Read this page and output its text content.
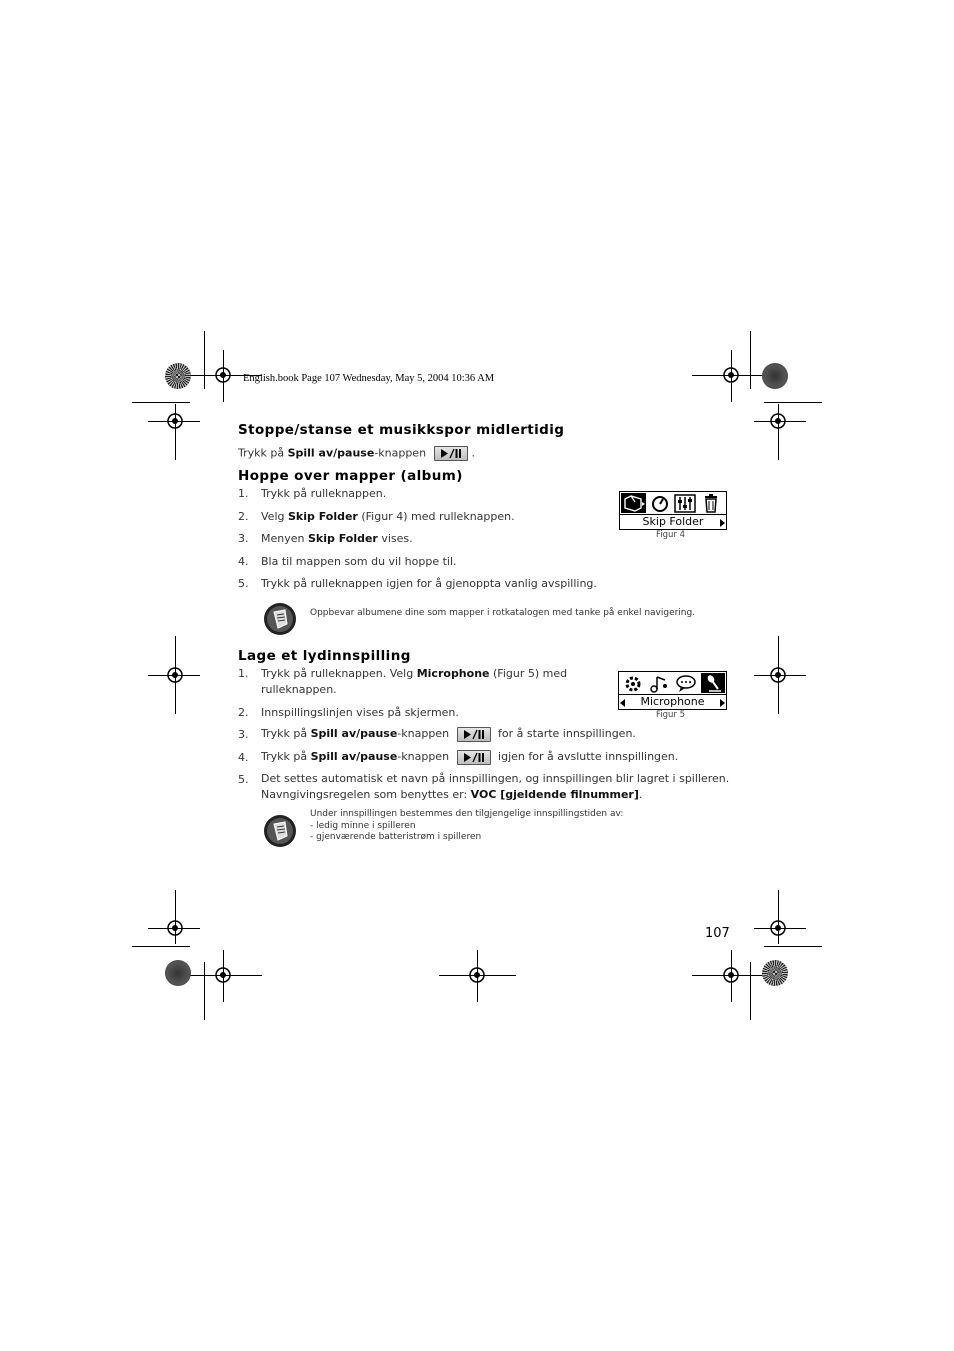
English.book Page 107 Wednesday, May 5, 2004 10:36 AM
Stoppe/stanse et musikkspor midlertidig
Trykk på Spill av/pause-knappen	.
Hoppe over mapper (album)
1. Trykk på rulleknappen.
2. Velg Skip Folder (Figur 4) med rulleknappen.
3. Menyen Skip Folder vises.
4. Bla til mappen som du vil hoppe til.
5. Trykk på rulleknappen igjen for å gjenoppta vanlig avspilling.
Skip Folder
Figur 4
Oppbevar albumene dine som mapper i rotkatalogen med tanke på enkel navigering.
Lage et lydinnspilling
1. Trykk på rulleknappen. Velg Microphone (Figur 5) med
rulleknappen.
2. Innspillingslinjen vises på skjermen.
3. Trykk på Spill av/pause-knappen	for å starte innspillingen.
4. Trykk på Spill av/pause-knappen	igjen for å avslutte innspillingen.
5. Det settes automatisk et navn på innspillingen, og innspillingen blir lagret i spilleren.
Navngivingsregelen som benyttes er: VOC [gjeldende filnummer].
Microphone
Figur 5
Under innspillingen bestemmes den tilgjengelige innspillingstiden av:
- ledig minne i spilleren
- gjenværende batteristrøm i spilleren
107
